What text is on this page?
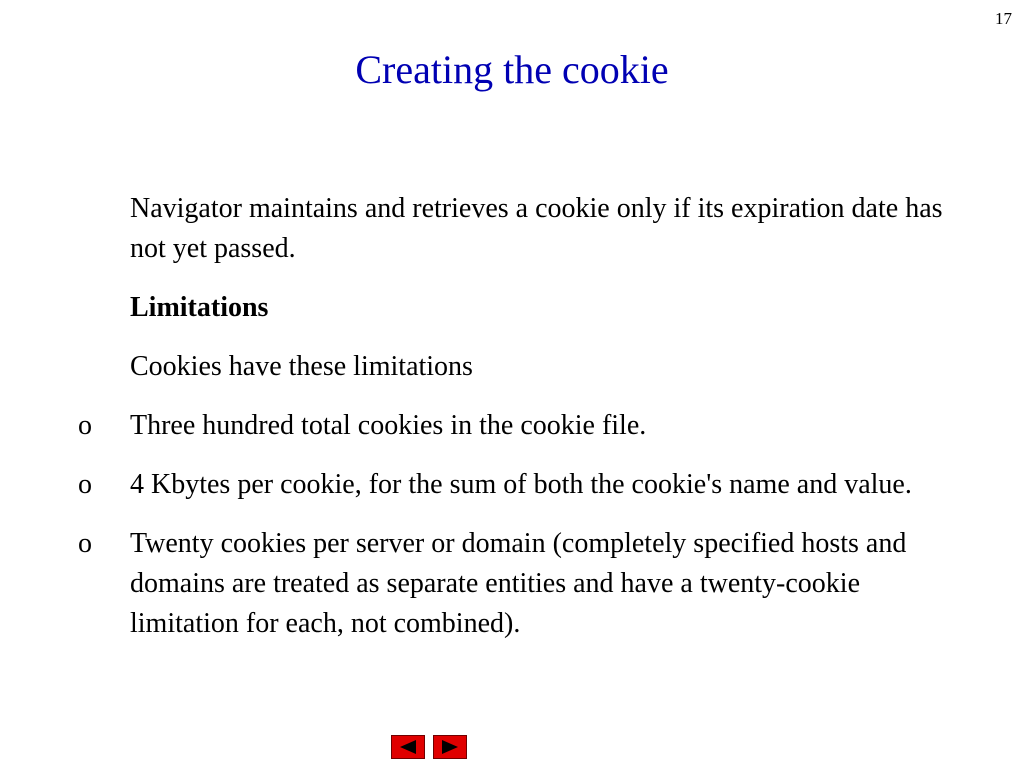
17
Creating the cookie

Navigator maintains and retrieves a cookie only if its expiration date has not yet passed.

Limitations

Cookies have these limitations

o Three hundred total cookies in the cookie file.
o 4 Kbytes per cookie, for the sum of both the cookie's name and value.
o Twenty cookies per server or domain (completely specified hosts and domains are treated as separate entities and have a twenty-cookie limitation for each, not combined).
